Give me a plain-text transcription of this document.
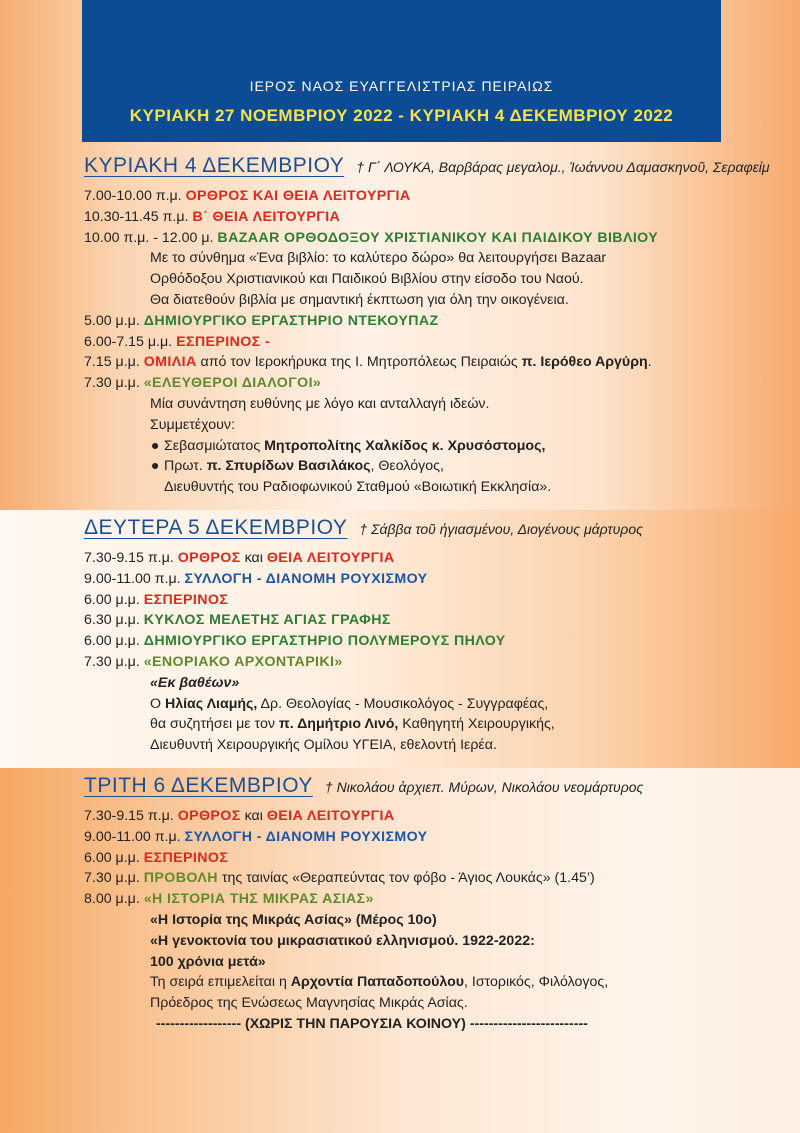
ΙΕΡΟΣ ΝΑΟΣ ΕΥΑΓΓΕΛΙΣΤΡΙΑΣ ΠΕΙΡΑΙΩΣ
ΚΥΡΙΑΚΗ 27 ΝΟΕΜΒΡΙΟΥ 2022 - ΚΥΡΙΑΚΗ 4 ΔΕΚΕΜΒΡΙΟΥ 2022
ΚΥΡΙΑΚΗ 4 ΔΕΚΕΜΒΡΙΟΥ † Γ΄ ΛΟΥΚΑ, Βαρβάρας μεγαλομ., Ἰωάννου Δαμασκηνοῦ, Σεραφείμ
7.00-10.00 π.μ. ΟΡΘΡΟΣ ΚΑΙ ΘΕΙΑ ΛΕΙΤΟΥΡΓΙΑ
10.30-11.45 π.μ. Β΄ ΘΕΙΑ ΛΕΙΤΟΥΡΓΙΑ
10.00 π.μ. - 12.00 μ. BAZAAR ΟΡΘΟΔΟΞΟΥ ΧΡΙΣΤΙΑΝΙΚΟΥ ΚΑΙ ΠΑΙΔΙΚΟΥ ΒΙΒΛΙΟΥ
Με το σύνθημα «Ένα βιβλίο: το καλύτερο δώρο» θα λειτουργήσει Bazaar
Ορθόδοξου Χριστιανικού και Παιδικού Βιβλίου στην είσοδο του Ναού.
Θα διατεθούν βιβλία με σημαντική έκπτωση για όλη την οικογένεια.
5.00 μ.μ. ΔΗΜΙΟΥΡΓΙΚΟ ΕΡΓΑΣΤΗΡΙΟ ΝΤΕΚΟΥΠΑΖ
6.00-7.15 μ.μ. ΕΣΠΕΡΙΝΟΣ -
7.15 μ.μ. ΟΜΙΛΙΑ από τον Ιεροκήρυκα της Ι. Μητροπόλεως Πειραιώς π. Ιερόθεο Αργύρη.
7.30 μ.μ. «ΕΛΕΥΘΕΡΟΙ ΔΙΑΛΟΓΟΙ»
Μία συνάντηση ευθύνης με λόγο και ανταλλαγή ιδεών.
Συμμετέχουν:
● Σεβασμιώτατος Μητροπολίτης Χαλκίδος κ. Χρυσόστομος,
● Πρωτ. π. Σπυρίδων Βασιλάκος, Θεολόγος,
Διευθυντής του Ραδιοφωνικού Σταθμού «Βοιωτική Εκκλησία».
ΔΕΥΤΕΡΑ 5 ΔΕΚΕΜΒΡΙΟΥ † Σάββα τοῦ ἡγιασμένου, Διογένους μάρτυρος
7.30-9.15 π.μ. ΟΡΘΡΟΣ και ΘΕΙΑ ΛΕΙΤΟΥΡΓΙΑ
9.00-11.00 π.μ. ΣΥΛΛΟΓΗ - ΔΙΑΝΟΜΗ ΡΟΥΧΙΣΜΟΥ
6.00 μ.μ. ΕΣΠΕΡΙΝΟΣ
6.30 μ.μ. ΚΥΚΛΟΣ ΜΕΛΕΤΗΣ ΑΓΙΑΣ ΓΡΑΦΗΣ
6.00 μ.μ. ΔΗΜΙΟΥΡΓΙΚΟ ΕΡΓΑΣΤΗΡΙΟ ΠΟΛΥΜΕΡΟΥΣ ΠΗΛΟΥ
7.30 μ.μ. «ΕΝΟΡΙΑΚΟ ΑΡΧΟΝΤΑΡΙΚΙ»
«Εκ βαθέων»
Ο Ηλίας Λιαμής, Δρ. Θεολογίας - Μουσικολόγος - Συγγραφέας,
θα συζητήσει με τον π. Δημήτριο Λινό, Καθηγητή Χειρουργικής,
Διευθυντή Χειρουργικής Ομίλου ΥΓΕΙΑ, εθελοντή Ιερέα.
ΤΡΙΤΗ 6 ΔΕΚΕΜΒΡΙΟΥ † Νικολάου ἀρχιεπ. Μύρων, Νικολάου νεομάρτυρος
7.30-9.15 π.μ. ΟΡΘΡΟΣ και ΘΕΙΑ ΛΕΙΤΟΥΡΓΙΑ
9.00-11.00 π.μ. ΣΥΛΛΟΓΗ - ΔΙΑΝΟΜΗ ΡΟΥΧΙΣΜΟΥ
6.00 μ.μ. ΕΣΠΕΡΙΝΟΣ
7.30 μ.μ. ΠΡΟΒΟΛΗ της ταινίας «Θεραπεύντας τον φόβο - Άγιος Λουκάς» (1.45’)
8.00 μ.μ. «Η ΙΣΤΟΡΙΑ ΤΗΣ ΜΙΚΡΑΣ ΑΣΙΑΣ»
«Η Ιστορία της Μικράς Ασίας» (Μέρος 10ο)
«Η γενοκτονία του μικρασιατικού ελληνισμού. 1922-2022:
100 χρόνια μετά»
Τη σειρά επιμελείται η Αρχοντία Παπαδοπούλου, Ιστορικός, Φιλόλογος,
Πρόεδρος της Ενώσεως Μαγνησίας Μικράς Ασίας.
------------------ (ΧΩΡΙΣ ΤΗΝ ΠΑΡΟΥΣΙΑ ΚΟΙΝΟΥ) -------------------------
